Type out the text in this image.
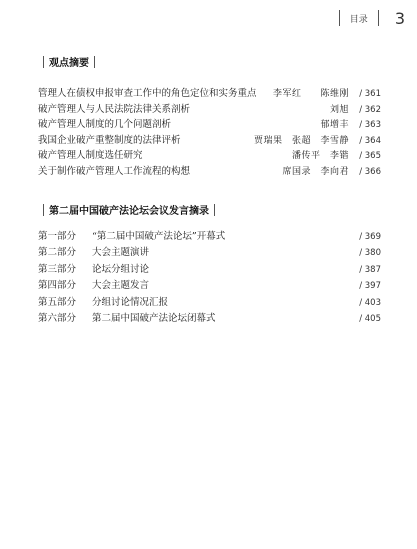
目录 3
观点摘要
管理人在债权申报审查工作中的角色定位和实务重点	李军红　　陈维刚	/ 361
破产管理人与人民法院法律关系剖析	刘旭	/ 362
破产管理人制度的几个问题剖析	郁增丰	/ 363
我国企业破产重整制度的法律评析	贾瑞果　张超　李雪静	/ 364
破产管理人制度选任研究	潘传平　李锴	/ 365
关于制作破产管理人工作流程的构想	席国录　李向君	/ 366
第二届中国破产法论坛会议发言摘录
第一部分	“第二届中国破产法论坛”开幕式	/ 369
第二部分	大会主题演讲	/ 380
第三部分	论坛分组讨论	/ 387
第四部分	大会主题发言	/ 397
第五部分	分组讨论情况汇报	/ 403
第六部分	第二届中国破产法论坛闭幕式	/ 405
